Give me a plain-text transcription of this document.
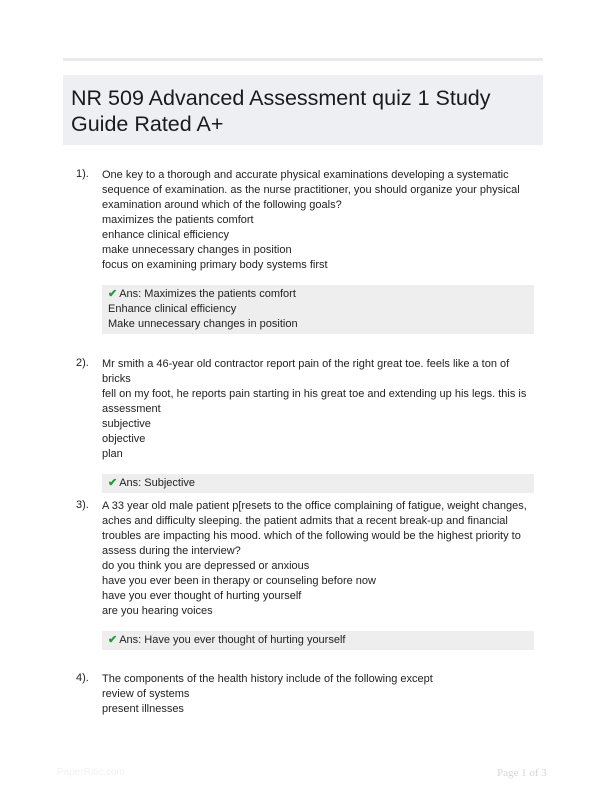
NR 509 Advanced Assessment quiz 1 Study Guide Rated A+
1). One key to a thorough and accurate physical examinations developing a systematic
sequence of examination. as the nurse practitioner, you should organize your physical
examination around which of the following goals?
maximizes the patients comfort
enhance clinical efficiency
make unnecessary changes in position
focus on examining primary body systems first
✔ Ans: Maximizes the patients comfort
Enhance clinical efficiency
Make unnecessary changes in position
2). Mr smith a 46-year old contractor report pain of the right great toe. feels like a ton of bricks
fell on my foot, he reports pain starting in his great toe and extending up his legs. this is
assessment
subjective
objective
plan
✔ Ans: Subjective
3). A 33 year old male patient p[resets to the office complaining of fatigue, weight changes,
aches and difficulty sleeping. the patient admits that a recent break-up and financial
troubles are impacting his mood. which of the following would be the highest priority to
assess during the interview?
do you think you are depressed or anxious
have you ever been in therapy or counseling before now
have you ever thought of hurting yourself
are you hearing voices
✔ Ans: Have you ever thought of hurting yourself
4). The components of the health history include of the following except
review of systems
present illnesses
PaperRitic.com	Page 1 of 3
